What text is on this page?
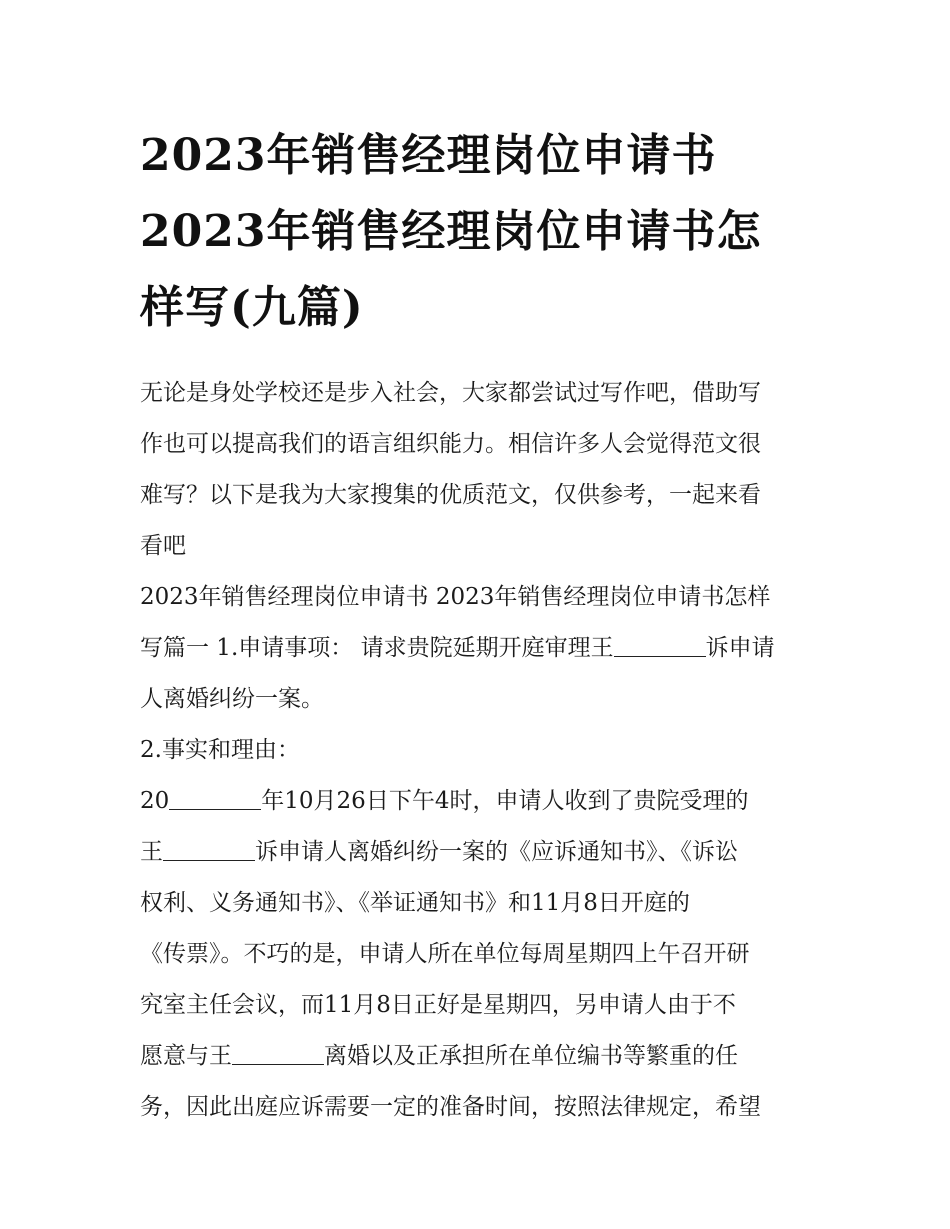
2023年销售经理岗位申请书
2023年销售经理岗位申请书怎
样写(九篇)

无论是身处学校还是步入社会，大家都尝试过写作吧，借助写
作也可以提高我们的语言组织能力。相信许多人会觉得范文很
难写？以下是我为大家搜集的优质范文，仅供参考，一起来看
看吧

2023年销售经理岗位申请书 2023年销售经理岗位申请书怎样
写篇一 1.申请事项： 请求贵院延期开庭审理王	诉申请
人离婚纠纷一案。

2.事实和理由：

20	年10月26日下午4时，申请人收到了贵院受理的
王	诉申请人离婚纠纷一案的《应诉通知书》、《诉讼
权利、义务通知书》、《举证通知书》和11月8日开庭的
《传票》。不巧的是，申请人所在单位每周星期四上午召开研
究室主任会议，而11月8日正好是星期四，另申请人由于不
愿意与王	离婚以及正承担所在单位编书等繁重的任
务，因此出庭应诉需要一定的准备时间，按照法律规定，希望
